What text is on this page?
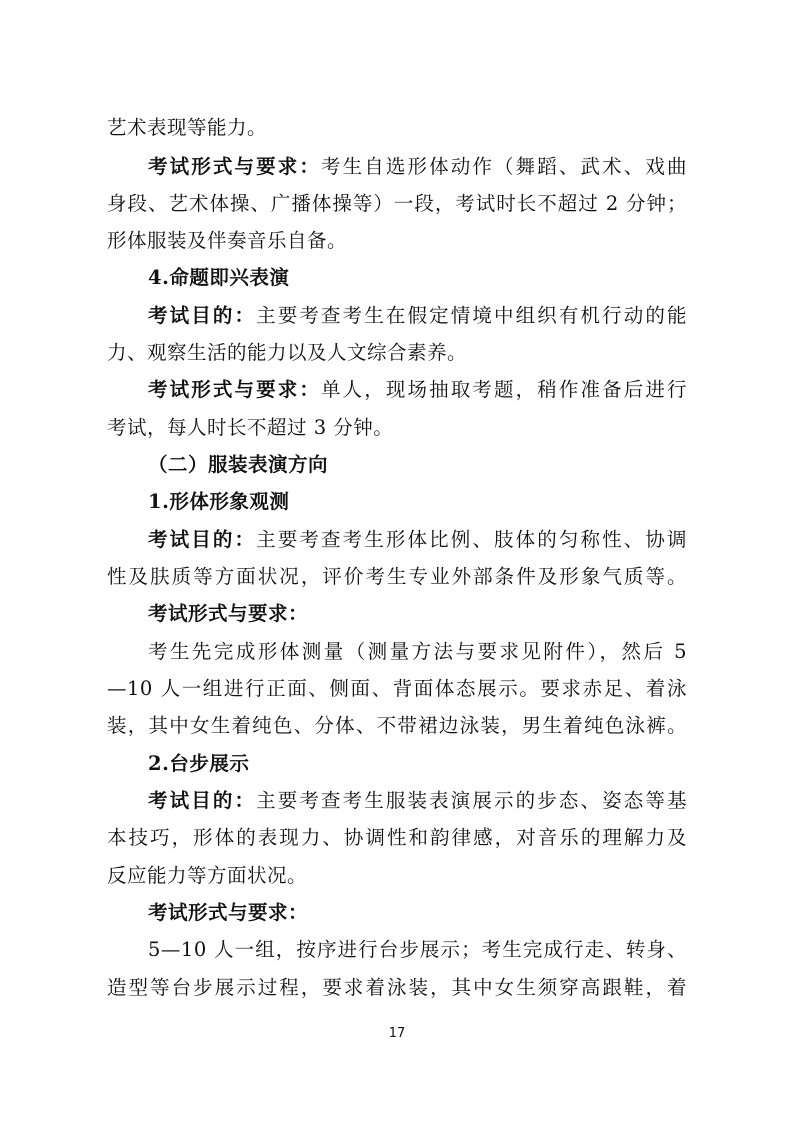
艺术表现等能力。
考试形式与要求：考生自选形体动作（舞蹈、武术、戏曲
身段、艺术体操、广播体操等）一段，考试时长不超过 2 分钟；
形体服装及伴奏音乐自备。
4.命题即兴表演
考试目的：主要考查考生在假定情境中组织有机行动的能
力、观察生活的能力以及人文综合素养。
考试形式与要求：单人，现场抽取考题，稍作准备后进行
考试，每人时长不超过 3 分钟。
（二）服装表演方向
1.形体形象观测
考试目的：主要考查考生形体比例、肢体的匀称性、协调
性及肤质等方面状况，评价考生专业外部条件及形象气质等。
考试形式与要求：
考生先完成形体测量（测量方法与要求见附件），然后 5
—10 人一组进行正面、侧面、背面体态展示。要求赤足、着泳
装，其中女生着纯色、分体、不带裙边泳装，男生着纯色泳裤。
2.台步展示
考试目的：主要考查考生服装表演展示的步态、姿态等基
本技巧，形体的表现力、协调性和韵律感，对音乐的理解力及
反应能力等方面状况。
考试形式与要求：
5—10 人一组，按序进行台步展示；考生完成行走、转身、
造型等台步展示过程，要求着泳装，其中女生须穿高跟鞋，着
17
